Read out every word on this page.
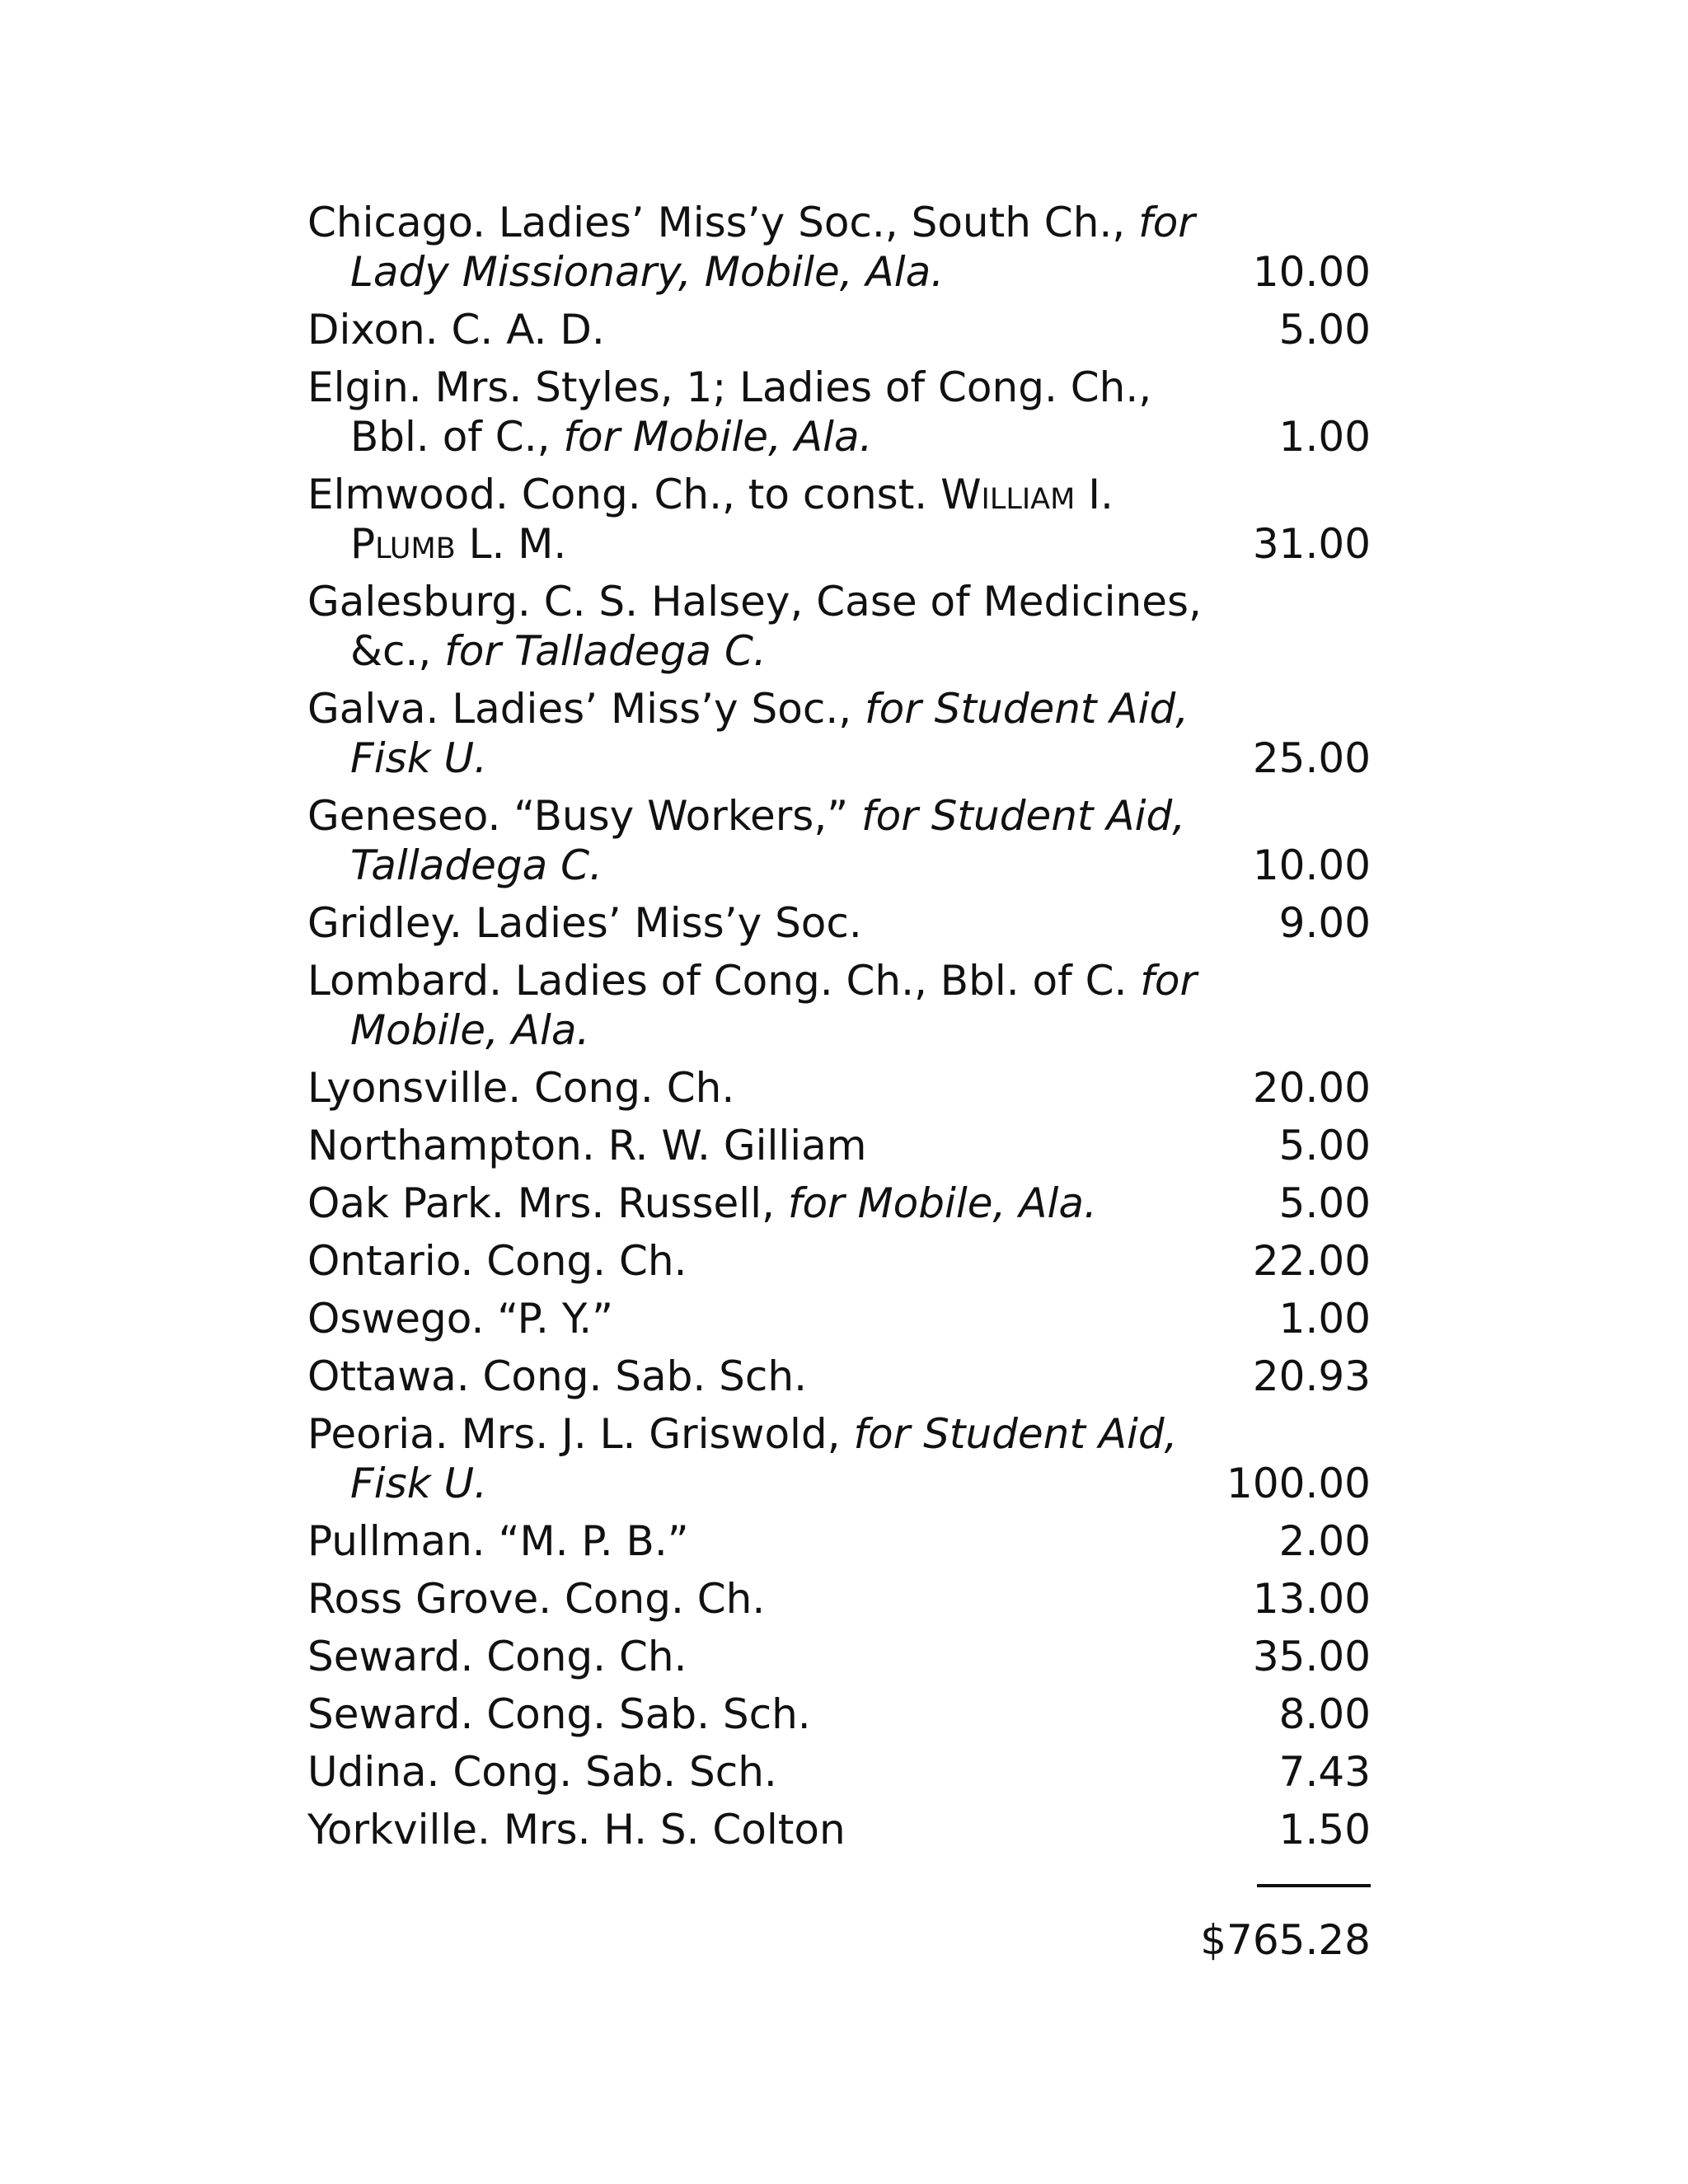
Chicago. Ladies’ Miss’y Soc., South Ch., for Lady Missionary, Mobile, Ala.	10.00
Dixon. C. A. D.	5.00
Elgin. Mrs. Styles, 1; Ladies of Cong. Ch., Bbl. of C., for Mobile, Ala.	1.00
Elmwood. Cong. Ch., to const. William I. Plumb L. M.	31.00
Galesburg. C. S. Halsey, Case of Medicines, &c., for Talladega C.
Galva. Ladies’ Miss’y Soc., for Student Aid, Fisk U.	25.00
Geneseo. “Busy Workers,” for Student Aid, Talladega C.	10.00
Gridley. Ladies’ Miss’y Soc.	9.00
Lombard. Ladies of Cong. Ch., Bbl. of C. for Mobile, Ala.
Lyonsville. Cong. Ch.	20.00
Northampton. R. W. Gilliam	5.00
Oak Park. Mrs. Russell, for Mobile, Ala.	5.00
Ontario. Cong. Ch.	22.00
Oswego. “P. Y.”	1.00
Ottawa. Cong. Sab. Sch.	20.93
Peoria. Mrs. J. L. Griswold, for Student Aid, Fisk U.	100.00
Pullman. “M. P. B.”	2.00
Ross Grove. Cong. Ch.	13.00
Seward. Cong. Ch.	35.00
Seward. Cong. Sab. Sch.	8.00
Udina. Cong. Sab. Sch.	7.43
Yorkville. Mrs. H. S. Colton	1.50
$765.28
